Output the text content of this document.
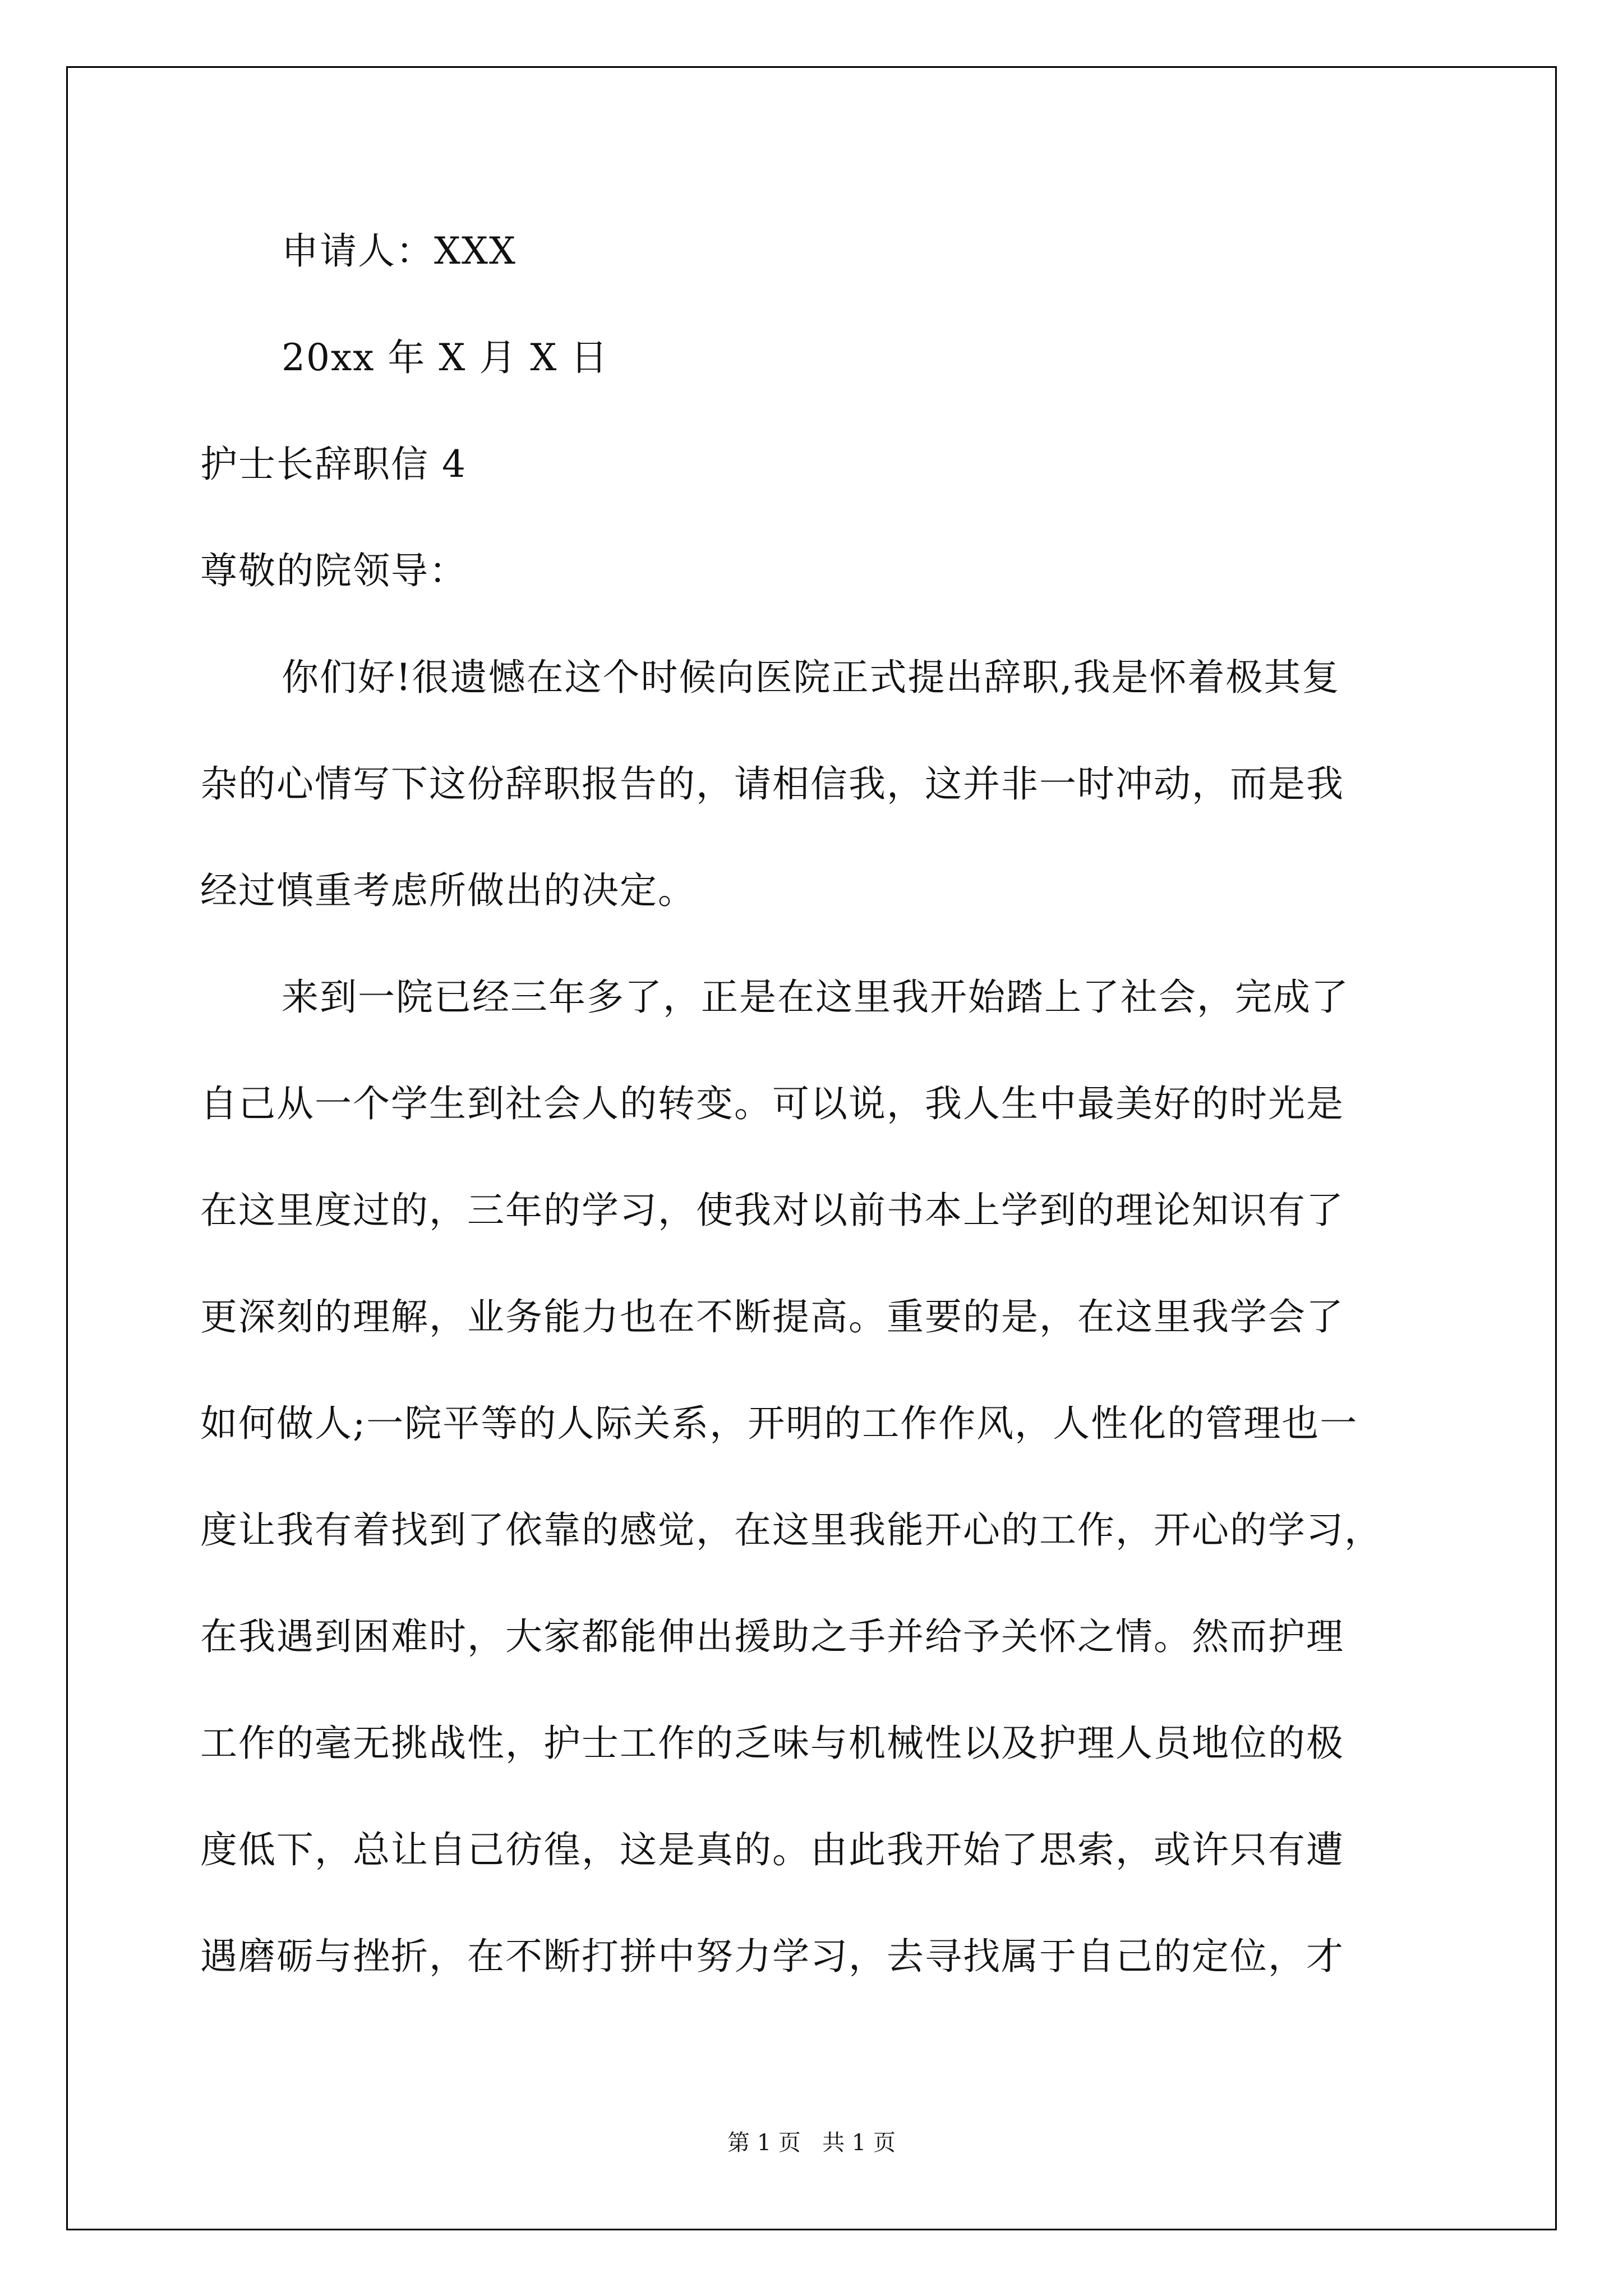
申请人：XXX
20xx 年 X 月 X 日
护士长辞职信 4
尊敬的院领导：
你们好!很遗憾在这个时候向医院正式提出辞职,我是怀着极其复
杂的心情写下这份辞职报告的，请相信我，这并非一时冲动，而是我
经过慎重考虑所做出的决定。
来到一院已经三年多了，正是在这里我开始踏上了社会，完成了
自己从一个学生到社会人的转变。可以说，我人生中最美好的时光是
在这里度过的，三年的学习，使我对以前书本上学到的理论知识有了
更深刻的理解，业务能力也在不断提高。重要的是，在这里我学会了
如何做人;一院平等的人际关系，开明的工作作风，人性化的管理也一
度让我有着找到了依靠的感觉，在这里我能开心的工作，开心的学习，
在我遇到困难时，大家都能伸出援助之手并给予关怀之情。然而护理
工作的毫无挑战性，护士工作的乏味与机械性以及护理人员地位的极
度低下，总让自己彷徨，这是真的。由此我开始了思索，或许只有遭
遇磨砺与挫折，在不断打拼中努力学习，去寻找属于自己的定位，才
第 1 页   共 1 页
